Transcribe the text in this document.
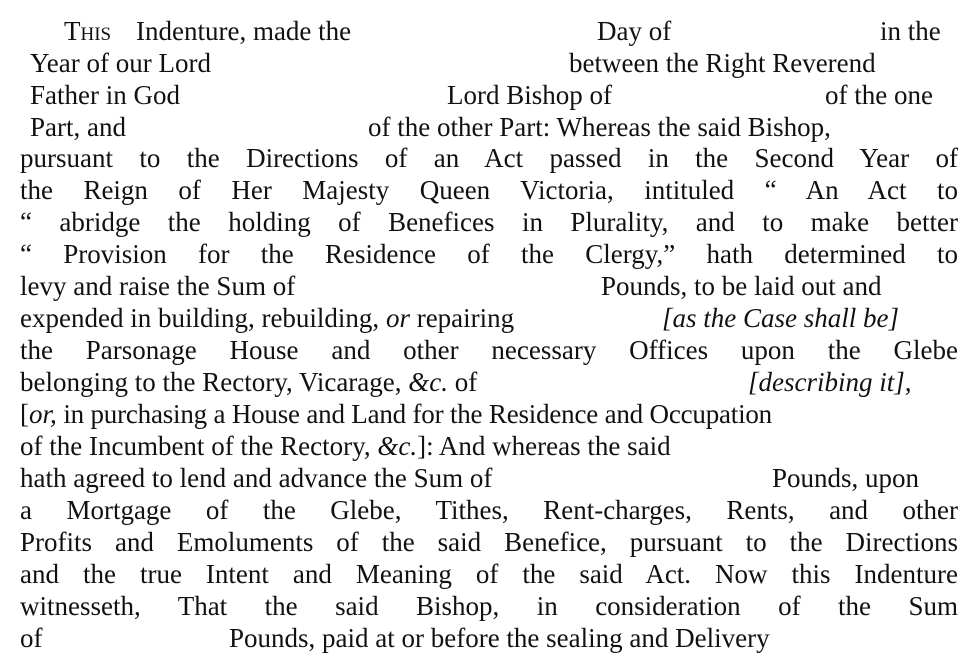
This Indenture, made the	Day of	in the
Year of our Lord	between the Right Reverend
Father in God	Lord Bishop of	of the one
Part, and	of the other Part: Whereas the said Bishop,
pursuant to the Directions of an Act passed in the Second Year of
the Reign of Her Majesty Queen Victoria, intituled “ An Act to
“ abridge the holding of Benefices in Plurality, and to make better
“ Provision for the Residence of the Clergy,” hath determined to
levy and raise the Sum of	Pounds, to be laid out and
expended in building, rebuilding, or repairing	[as the Case shall be]
the Parsonage House and other necessary Offices upon the Glebe
belonging to the Rectory, Vicarage, &c. of	[describing it],
[or, in purchasing a House and Land for the Residence and Occupation
of the Incumbent of the Rectory, &c.]: And whereas the said
hath agreed to lend and advance the Sum of	Pounds, upon
a Mortgage of the Glebe, Tithes, Rent-charges, Rents, and other
Profits and Emoluments of the said Benefice, pursuant to the Directions
and the true Intent and Meaning of the said Act. Now this Indenture
witnesseth, That the said Bishop, in consideration of the Sum
of	Pounds, paid at or before the sealing and Delivery
